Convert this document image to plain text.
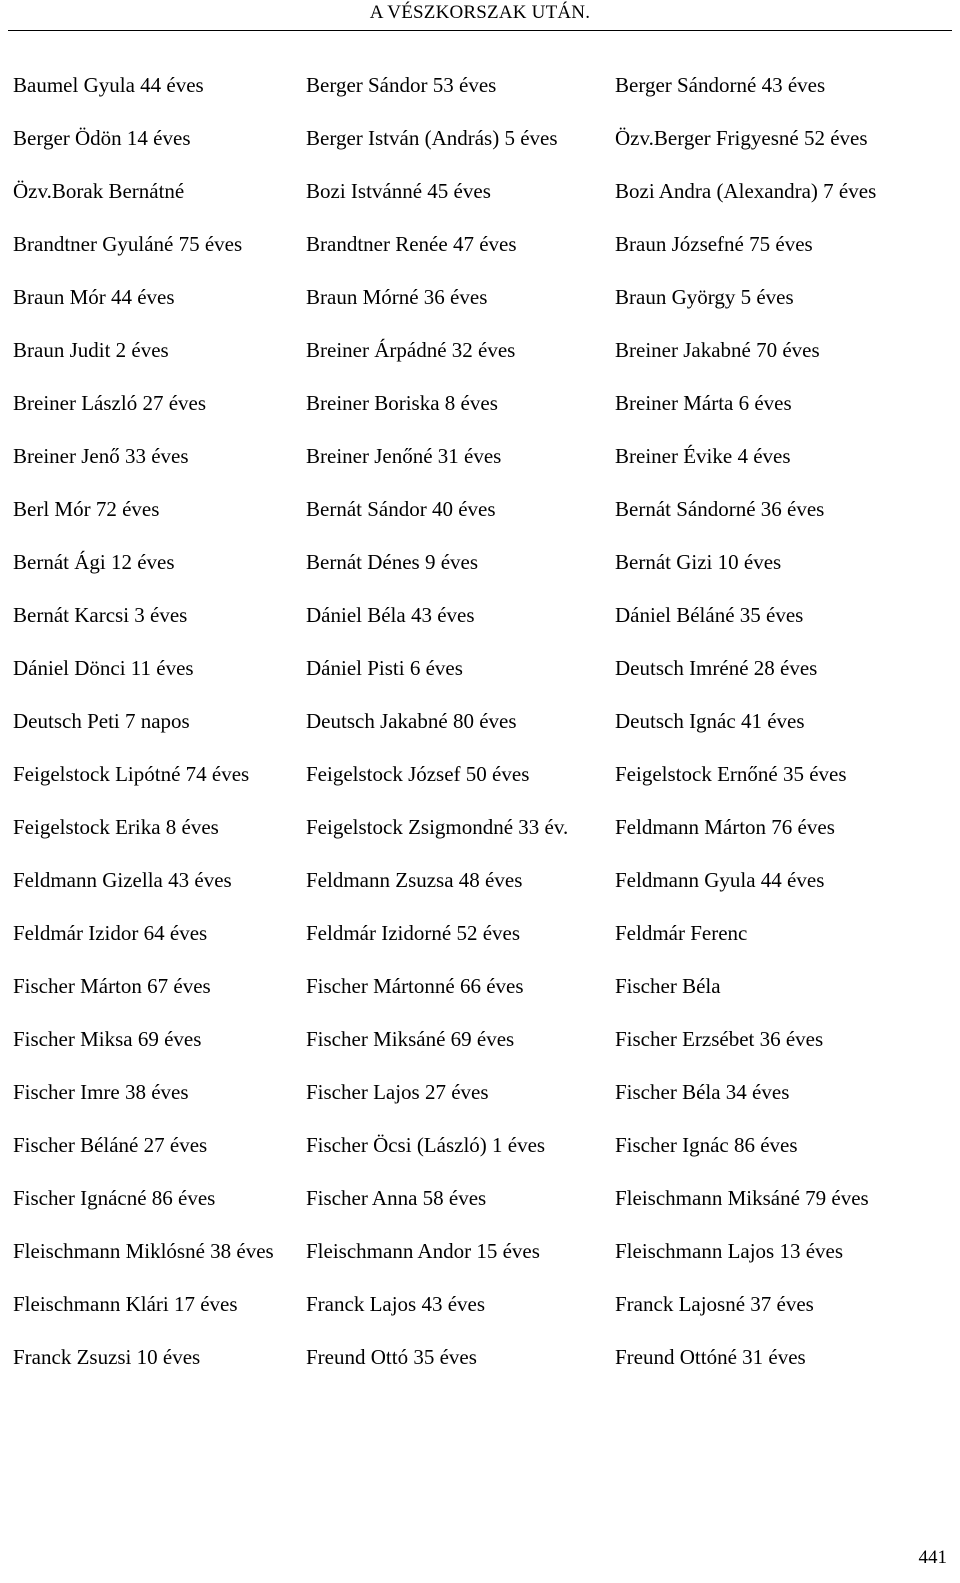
A VÉSZKORSZAK UTÁN.
Baumel Gyula 44 éves	Berger Sándor 53 éves	Berger Sándorné 43 éves
Berger Ödön 14 éves	Berger István (András) 5 éves	Özv.Berger Frigyesné 52 éves
Özv.Borak Bernátné	Bozi Istvánné 45 éves	Bozi Andra (Alexandra) 7 éves
Brandtner Gyuláné 75 éves	Brandtner Renée 47 éves	Braun Józsefné 75 éves
Braun Mór 44 éves	Braun Mórné 36 éves	Braun György 5 éves
Braun Judit 2 éves	Breiner Árpádné 32 éves	Breiner Jakabné 70 éves
Breiner László 27 éves	Breiner Boriska 8 éves	Breiner Márta 6 éves
Breiner Jenő 33 éves	Breiner Jenőné 31 éves	Breiner Évike 4 éves
Berl Mór 72 éves	Bernát Sándor 40 éves	Bernát Sándorné 36 éves
Bernát Ági 12 éves	Bernát Dénes 9 éves	Bernát Gizi 10 éves
Bernát Karcsi 3 éves	Dániel Béla 43 éves	Dániel Béláné 35 éves
Dániel Dönci 11 éves	Dániel Pisti 6 éves	Deutsch Imréné 28 éves
Deutsch Peti 7 napos	Deutsch Jakabné 80 éves	Deutsch Ignác 41 éves
Feigelstock Lipótné 74 éves	Feigelstock József 50 éves	Feigelstock Ernőné 35 éves
Feigelstock Erika 8 éves	Feigelstock Zsigmondné 33 év.	Feldmann Márton 76 éves
Feldmann Gizella 43 éves	Feldmann Zsuzsa 48 éves	Feldmann Gyula 44 éves
Feldmár Izidor 64 éves	Feldmár Izidorné 52 éves	Feldmár Ferenc
Fischer Márton 67 éves	Fischer Mártonné 66 éves	Fischer Béla
Fischer Miksa 69 éves	Fischer Miksáné 69 éves	Fischer Erzsébet 36 éves
Fischer Imre 38 éves	Fischer Lajos 27 éves	Fischer Béla 34 éves
Fischer Béláné 27 éves	Fischer Öcsi (László) 1 éves	Fischer Ignác 86 éves
Fischer Ignácné 86 éves	Fischer Anna 58 éves	Fleischmann Miksáné 79 éves
Fleischmann Miklósné 38 éves	Fleischmann Andor 15 éves	Fleischmann Lajos 13 éves
Fleischmann Klári 17 éves	Franck Lajos 43 éves	Franck Lajosné 37 éves
Franck Zsuzsi 10 éves	Freund Ottó 35 éves	Freund Ottóné 31 éves
441
